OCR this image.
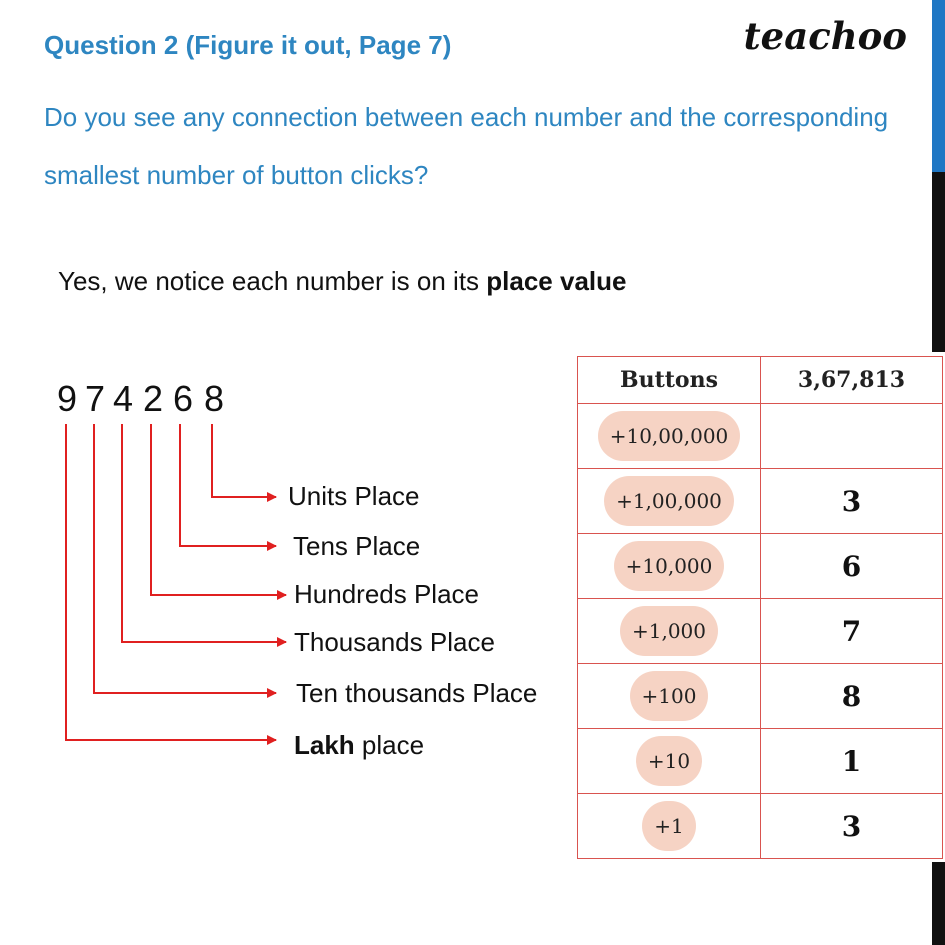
Question 2 (Figure it out, Page 7)	teachoo
Do you see any connection between each number and the corresponding smallest number of button clicks?
Yes, we notice each number is on its place value
9 7 4 2 6 8
Units Place
Tens Place
Hundreds Place
Thousands Place
Ten thousands Place
Lakh place
Buttons	3,67,813
+10,00,000	
+1,00,000	3
+10,000	6
+1,000	7
+100	8
+10	1
+1	3
